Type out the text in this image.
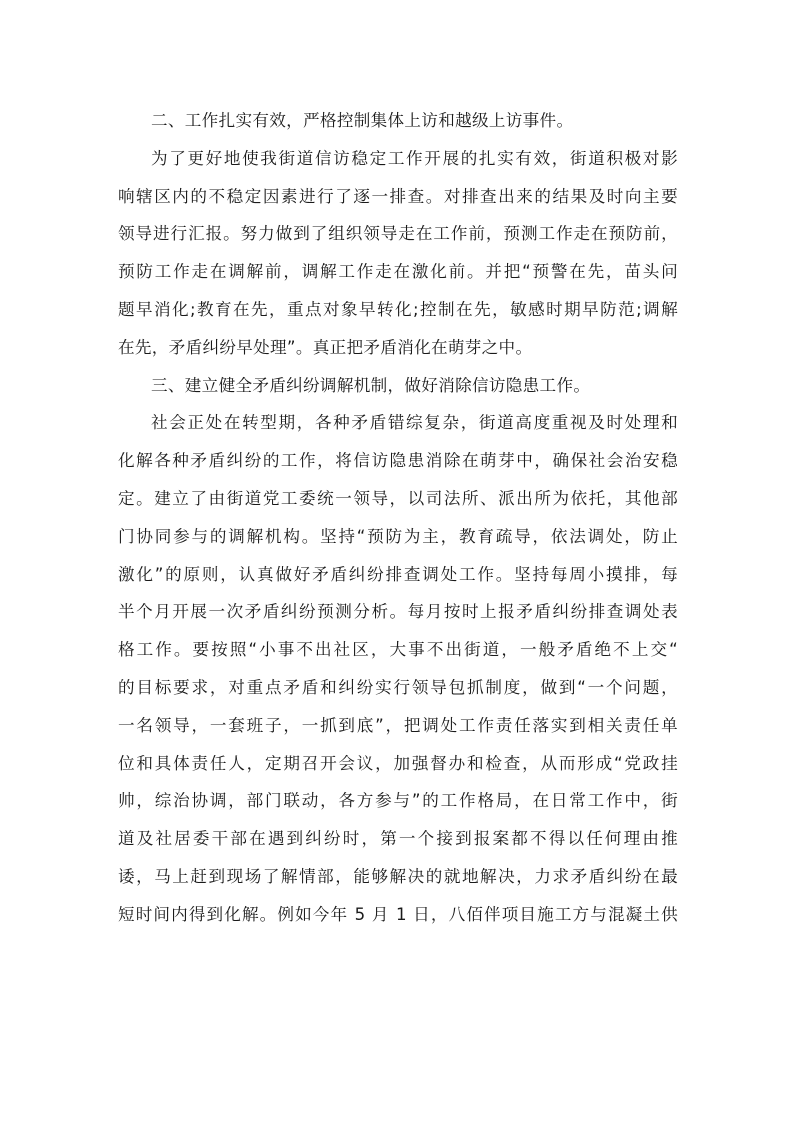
二、工作扎实有效，严格控制集体上访和越级上访事件。
为了更好地使我街道信访稳定工作开展的扎实有效，街道积极对影
响辖区内的不稳定因素进行了逐一排查。对排查出来的结果及时向主要
领导进行汇报。努力做到了组织领导走在工作前，预测工作走在预防前，
预防工作走在调解前，调解工作走在激化前。并把“预警在先，苗头问
题早消化;教育在先，重点对象早转化;控制在先，敏感时期早防范;调解
在先，矛盾纠纷早处理”。真正把矛盾消化在萌芽之中。
三、建立健全矛盾纠纷调解机制，做好消除信访隐患工作。
社会正处在转型期，各种矛盾错综复杂，街道高度重视及时处理和
化解各种矛盾纠纷的工作，将信访隐患消除在萌芽中，确保社会治安稳
定。建立了由街道党工委统一领导，以司法所、派出所为依托，其他部
门协同参与的调解机构。坚持“预防为主，教育疏导，依法调处，防止
激化”的原则，认真做好矛盾纠纷排查调处工作。坚持每周小摸排，每
半个月开展一次矛盾纠纷预测分析。每月按时上报矛盾纠纷排查调处表
格工作。要按照“小事不出社区，大事不出街道，一般矛盾绝不上交“
的目标要求，对重点矛盾和纠纷实行领导包抓制度，做到“一个问题，
一名领导，一套班子，一抓到底”，把调处工作责任落实到相关责任单
位和具体责任人，定期召开会议，加强督办和检查，从而形成“党政挂
帅，综治协调，部门联动，各方参与”的工作格局，在日常工作中，街
道及社居委干部在遇到纠纷时，第一个接到报案都不得以任何理由推
诿，马上赶到现场了解情部，能够解决的就地解决，力求矛盾纠纷在最
短时间内得到化解。例如今年 5 月 1 日，八佰伴项目施工方与混凝土供
